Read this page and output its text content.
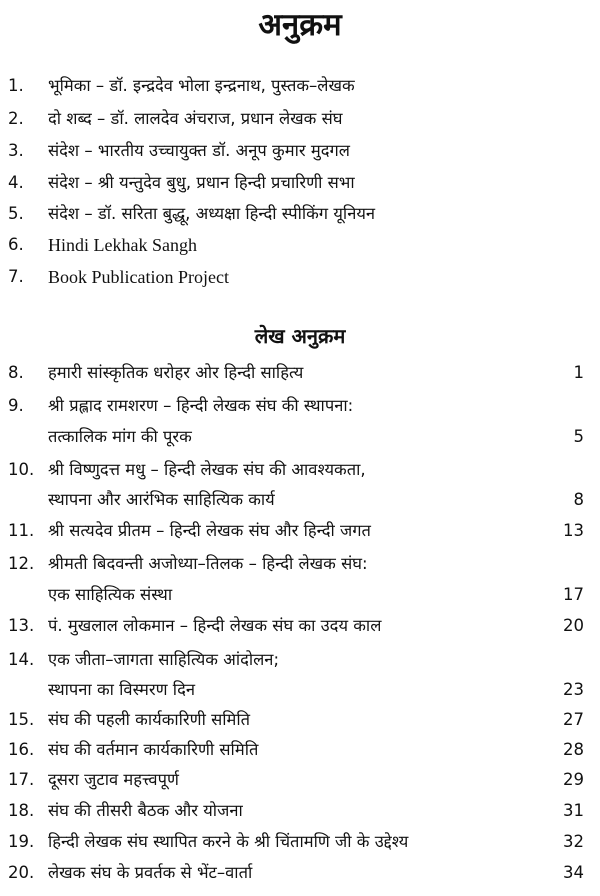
अनुक्रम
1. भूमिका – डॉ. इन्द्रदेव भोला इन्द्रनाथ, पुस्तक–लेखक
2. दो शब्द – डॉ. लालदेव अंचराज, प्रधान लेखक संघ
3. संदेश – भारतीय उच्चायुक्त डॉ. अनूप कुमार मुदगल
4. संदेश – श्री यन्तुदेव बुधु, प्रधान हिन्दी प्रचारिणी सभा
5. संदेश – डॉ. सरिता बुद्धू, अध्यक्षा हिन्दी स्पीकिंग यूनियन
6. Hindi Lekhak Sangh
7. Book Publication Project
लेख अनुक्रम
8. हमारी सांस्कृतिक धरोहर ओर हिन्दी साहित्य	1
9. श्री प्रह्लाद रामशरण – हिन्दी लेखक संघ की स्थापना:
तत्कालिक मांग की पूरक	5
10. श्री विष्णुदत्त मधु – हिन्दी लेखक संघ की आवश्यकता,
स्थापना और आरंभिक साहित्यिक कार्य	8
11. श्री सत्यदेव प्रीतम – हिन्दी लेखक संघ और हिन्दी जगत	13
12. श्रीमती बिदवन्ती अजोध्या–तिलक – हिन्दी लेखक संघ:
एक साहित्यिक संस्था	17
13. पं. मुखलाल लोकमान – हिन्दी लेखक संघ का उदय काल	20
14. एक जीता–जागता साहित्यिक आंदोलन;
स्थापना का विस्मरण दिन	23
15. संघ की पहली कार्यकारिणी समिति	27
16. संघ की वर्तमान कार्यकारिणी समिति	28
17. दूसरा जुटाव महत्त्वपूर्ण	29
18. संघ की तीसरी बैठक और योजना	31
19. हिन्दी लेखक संघ स्थापित करने के श्री चिंतामणि जी के उद्देश्य	32
20. लेखक संघ के प्रवर्तक से भेंट–वार्ता	34
